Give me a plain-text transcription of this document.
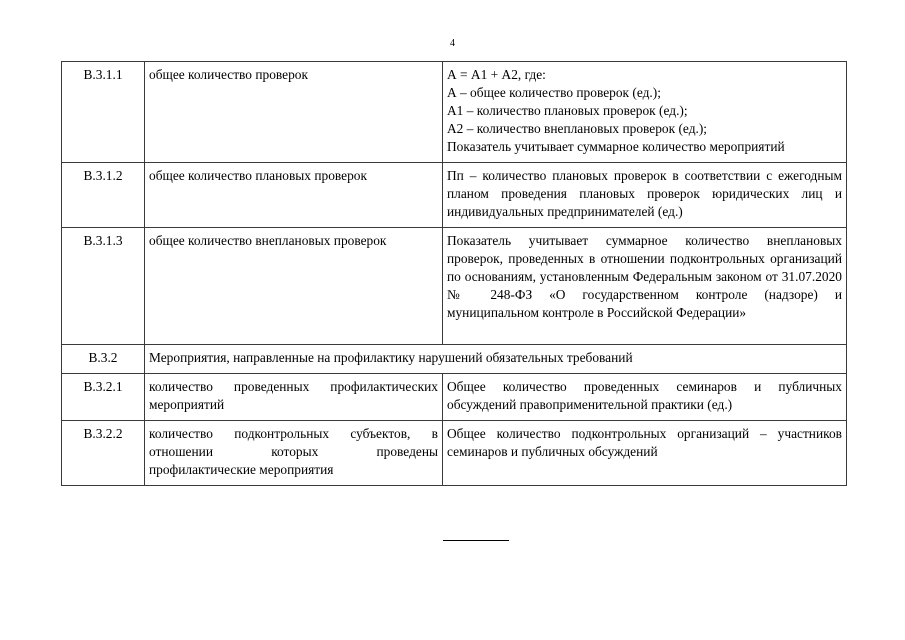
4
В.3.1.1	общее количество проверок	А = А1 + А2, где:

А – общее количество проверок (ед.);

А1 – количество плановых проверок (ед.);

А2 – количество внеплановых проверок (ед.);

Показатель учитывает суммарное количество мероприятий

В.3.1.2	общее количество плановых проверок	Пп – количество плановых проверок в соответствии с ежегодным планом проведения плановых проверок юридических лиц и индивидуальных предпринимателей (ед.)
В.3.1.3	общее количество внеплановых проверок	Показатель учитывает суммарное количество внеплановых проверок, проведенных в отношении подконтрольных организаций по основаниям, установленным Федеральным законом от 31.07.2020 № 248-ФЗ «О государственном контроле (надзоре) и муниципальном контроле в Российской Федерации»
В.3.2	Мероприятия, направленные на профилактику нарушений обязательных требований	
В.3.2.1	количество проведенных профилактических мероприятий	Общее количество проведенных семинаров и публичных обсуждений правоприменительной практики (ед.)
В.3.2.2	количество подконтрольных субъектов, в отношении которых проведены профилактические мероприятия	Общее количество подконтрольных организаций – участников семинаров и публичных обсуждений
